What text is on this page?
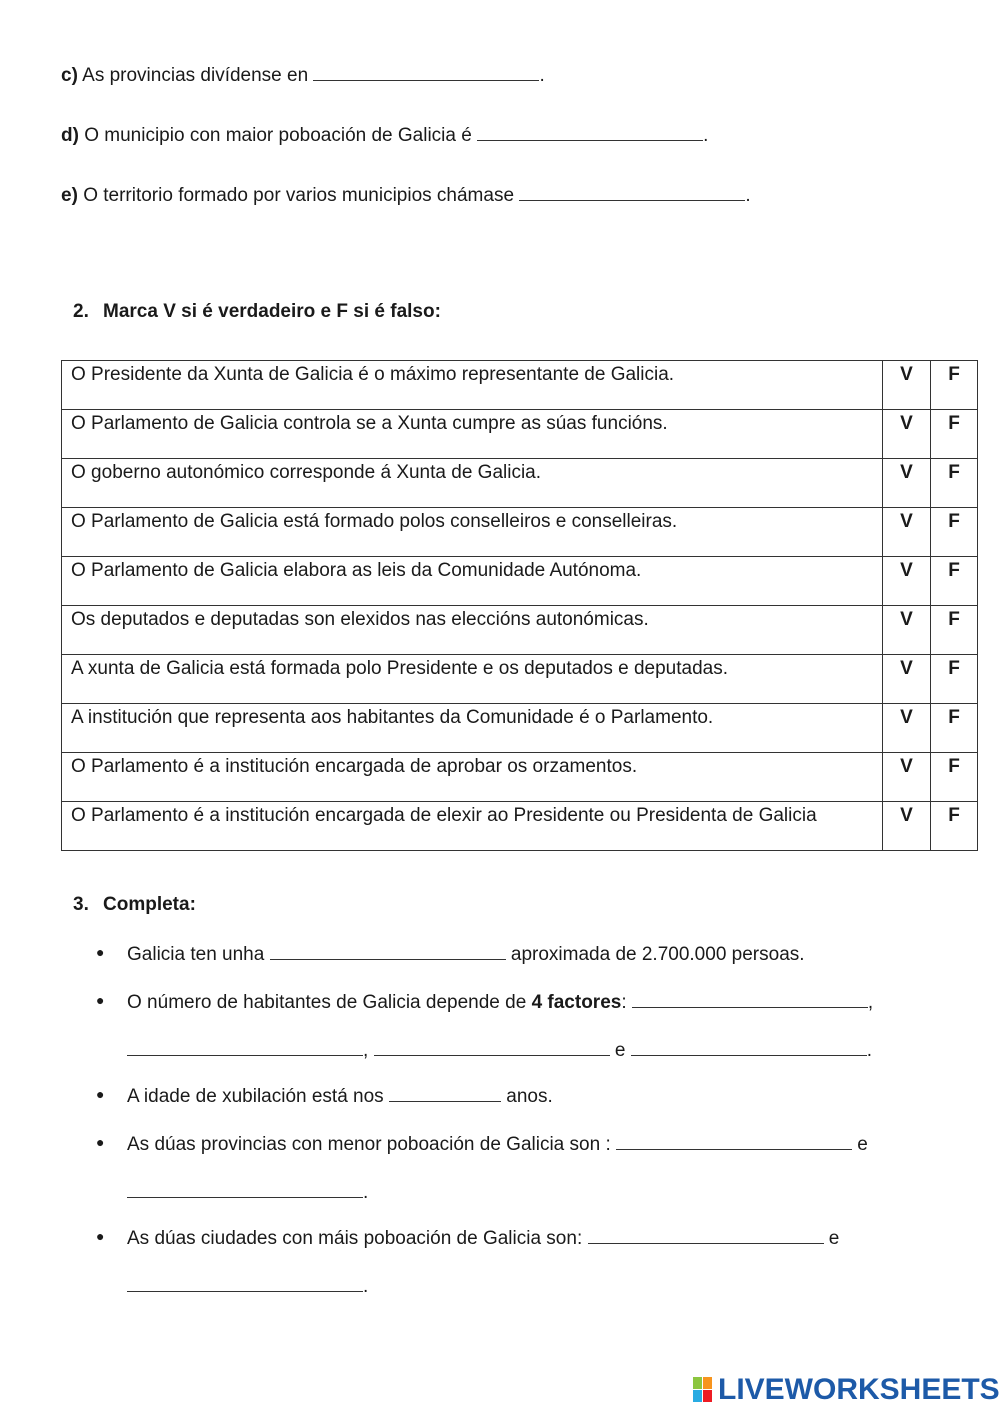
c) As provincias divídense en	.
d) O municipio con maior poboación de Galicia é	.
e) O territorio formado por varios municipios chámase	.
2. Marca V si é verdadeiro e F si é falso:
O Presidente da Xunta de Galicia é o máximo representante de Galicia.	V	F
O Parlamento de Galicia controla se a Xunta cumpre as súas funcións.	V	F
O goberno autonómico corresponde á Xunta de Galicia.	V	F
O Parlamento de Galicia está formado polos conselleiros e conselleiras.	V	F
O Parlamento de Galicia elabora as leis da Comunidade Autónoma.	V	F
Os deputados e deputadas son elexidos nas eleccións autonómicas.	V	F
A xunta de Galicia está formada polo Presidente e os deputados e deputadas.	V	F
A institución que representa aos habitantes da Comunidade é o Parlamento.	V	F
O Parlamento é a institución encargada de aprobar os orzamentos.	V	F
O Parlamento é a institución encargada de elexir ao Presidente ou Presidenta de Galicia	V	F
3. Completa:
● Galicia ten unha	aproximada de 2.700.000 persoas.
● O número de habitantes de Galicia depende de 4 factores:	,
,	e	.
● A idade de xubilación está nos	anos.
● As dúas provincias con menor poboación de Galicia son :	e
.
● As dúas ciudades con máis poboación de Galicia son:	e
.
LIVEWORKSHEETS
